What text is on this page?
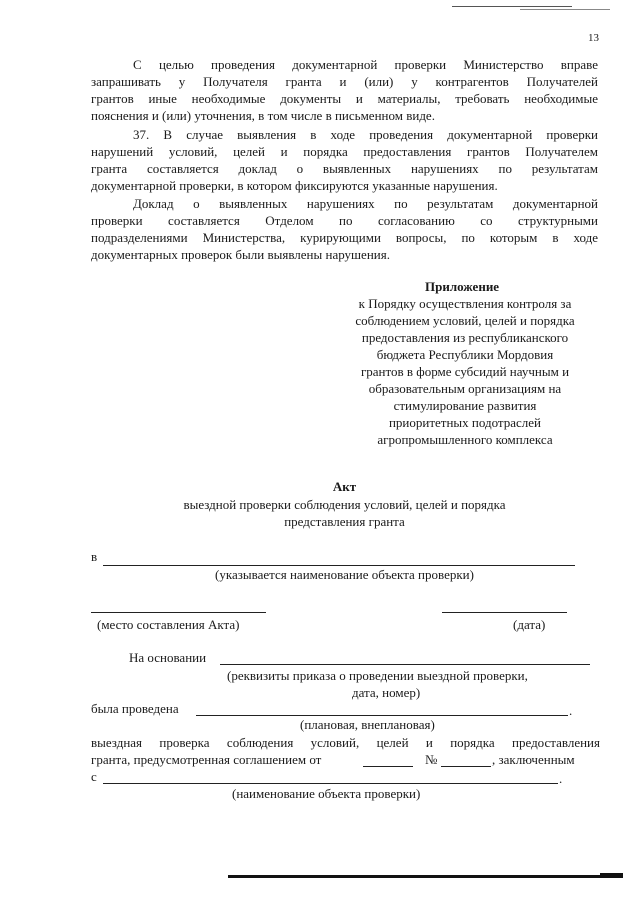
13
С целью проведения документарной проверки Министерство вправе
запрашивать у Получателя гранта и (или) у контрагентов Получателей
грантов иные необходимые документы и материалы, требовать необходимые
пояснения и (или) уточнения, в том числе в письменном виде.
37. В случае выявления в ходе проведения документарной проверки
нарушений условий, целей и порядка предоставления грантов Получателем
гранта составляется доклад о выявленных нарушениях по результатам
документарной проверки, в котором фиксируются указанные нарушения.
Доклад о выявленных нарушениях по результатам документарной
проверки составляется Отделом по согласованию со структурными
подразделениями Министерства, курирующими вопросы, по которым в ходе
документарных проверок были выявлены нарушения.
Приложение
к Порядку осуществления контроля за
соблюдением условий, целей и порядка
предоставления из республиканского
бюджета Республики Мордовия
грантов в форме субсидий научным и
образовательным организациям на
стимулирование развития
приоритетных подотраслей
агропромышленного комплекса
Акт
выездной проверки соблюдения условий, целей и порядка
представления гранта
в
(указывается наименование объекта проверки)
(место составления Акта)	(дата)
На основании
(реквизиты приказа о проведении выездной проверки,
дата, номер)
была проведена	.
(плановая, внеплановая)
выездная проверка соблюдения условий, целей и порядка предоставления
гранта, предусмотренная соглашением от	№	, заключенным
с	.
(наименование объекта проверки)
